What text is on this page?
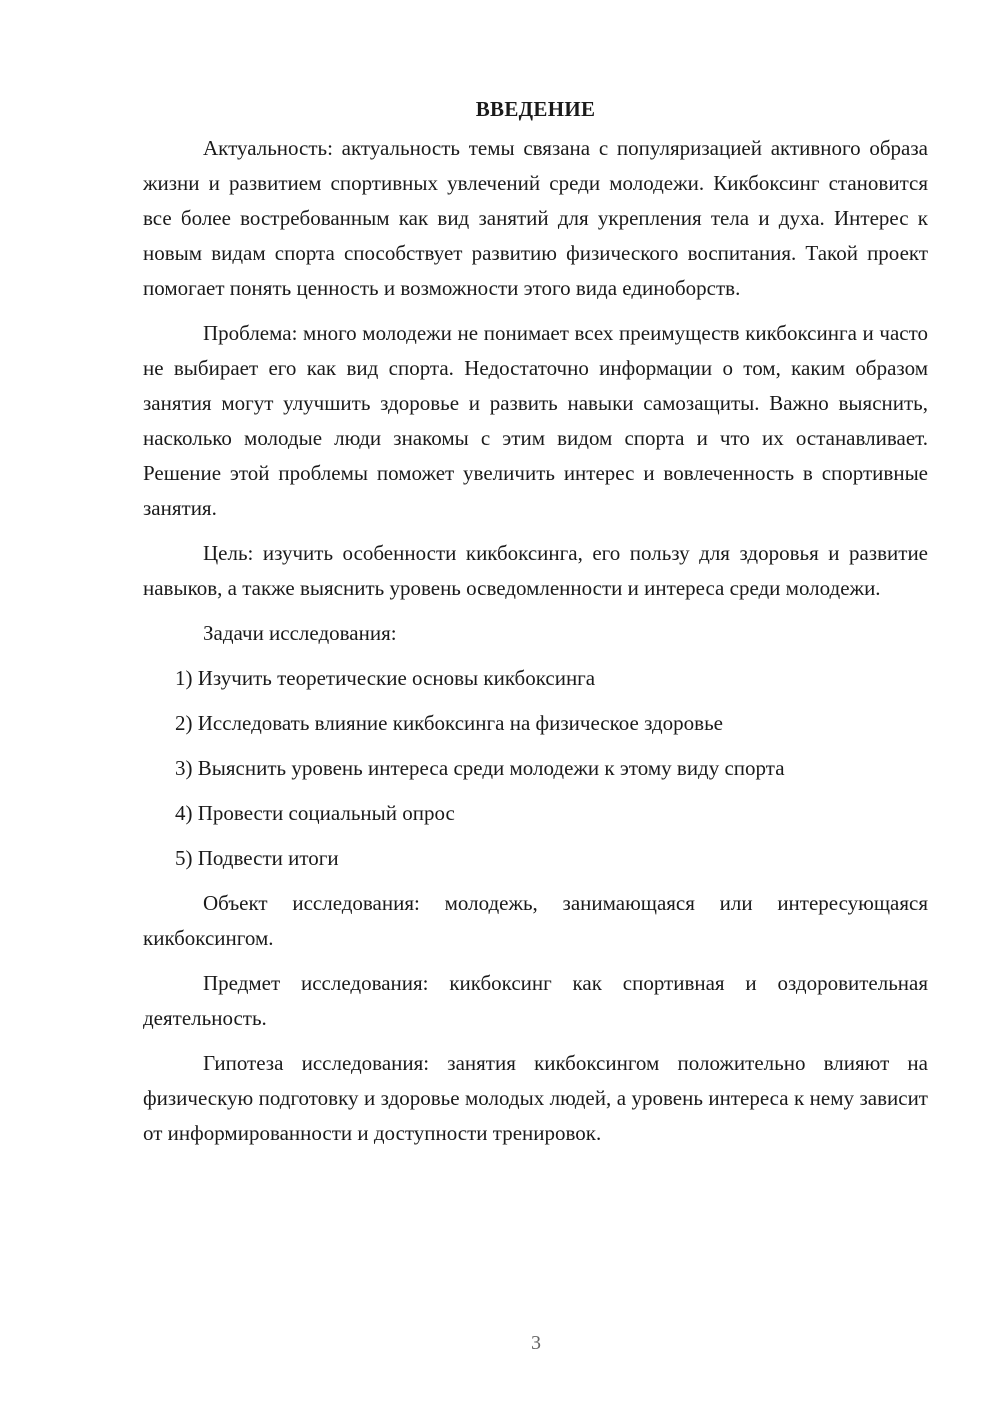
ВВЕДЕНИЕ

Актуальность: актуальность темы связана с популяризацией активного образа жизни и развитием спортивных увлечений среди молодежи. Кикбоксинг становится все более востребованным как вид занятий для укрепления тела и духа. Интерес к новым видам спорта способствует развитию физического воспитания. Такой проект помогает понять ценность и возможности этого вида единоборств.

Проблема: много молодежи не понимает всех преимуществ кикбоксинга и часто не выбирает его как вид спорта. Недостаточно информации о том, каким образом занятия могут улучшить здоровье и развить навыки самозащиты. Важно выяснить, насколько молодые люди знакомы с этим видом спорта и что их останавливает. Решение этой проблемы поможет увеличить интерес и вовлеченность в спортивные занятия.

Цель: изучить особенности кикбоксинга, его пользу для здоровья и развитие навыков, а также выяснить уровень осведомленности и интереса среди молодежи.

Задачи исследования:

1) Изучить теоретические основы кикбоксинга
2) Исследовать влияние кикбоксинга на физическое здоровье
3) Выяснить уровень интереса среди молодежи к этому виду спорта
4) Провести социальный опрос
5) Подвести итоги

Объект исследования: молодежь, занимающаяся или интересующаяся кикбоксингом.

Предмет исследования: кикбоксинг как спортивная и оздоровительная деятельность.

Гипотеза исследования: занятия кикбоксингом положительно влияют на физическую подготовку и здоровье молодых людей, а уровень интереса к нему зависит от информированности и доступности тренировок.

3
